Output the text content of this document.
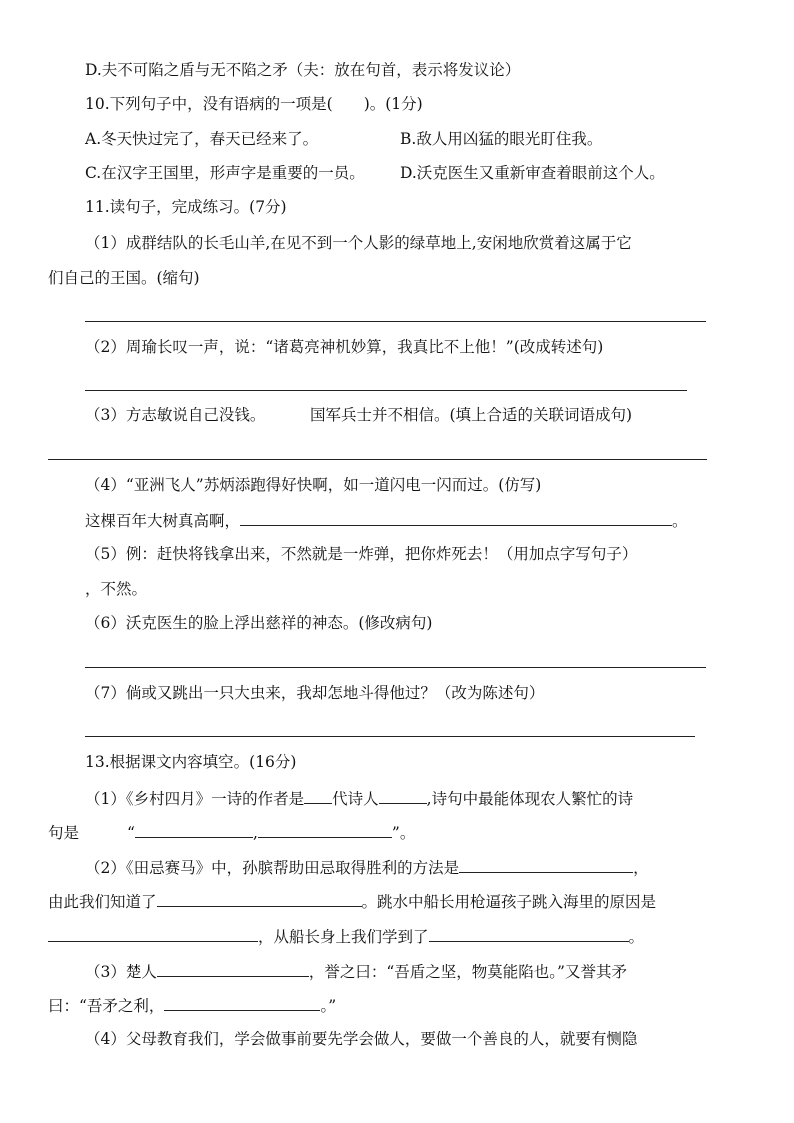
D.夫不可陷之盾与无不陷之矛（夫：放在句首，表示将发议论）
10.下列句子中，没有语病的一项是(　　)。(1分)
A.冬天快过完了，春天已经来了。	B.敌人用凶猛的眼光盯住我。
C.在汉字王国里，形声字是重要的一员。 D.沃克医生又重新审查着眼前这个人。
11.读句子，完成练习。(7分)
（1）成群结队的长毛山羊,在见不到一个人影的绿草地上,安闲地欣赏着这属于它
们自己的王国。(缩句)
（2）周瑜长叹一声，说：“诸葛亮神机妙算，我真比不上他！”(改成转述句)
（3）方志敏说自己没钱。	国军兵士并不相信。(填上合适的关联词语成句)
（4）“亚洲飞人”苏炳添跑得好快啊，如一道闪电一闪而过。(仿写)
这棵百年大树真高啊，	。
（5）例：赶快将钱拿出来，不然就是一炸弹，把你炸死去！（用加点字写句子）
，不然。
（6）沃克医生的脸上浮出慈祥的神态。(修改病句)
（7）倘或又跳出一只大虫来，我却怎地斗得他过？（改为陈述句）
13.根据课文内容填空。(16分)
（1）《乡村四月》一诗的作者是 代诗人	,诗句中最能体现农人繁忙的诗
句是	“	,	”。
（2）《田忌赛马》中，孙膑帮助田忌取得胜利的方法是	，
由此我们知道了	。跳水中船长用枪逼孩子跳入海里的原因是
，从船长身上我们学到了	。
（3）楚人	，誉之曰：“吾盾之坚，物莫能陷也。”又誉其矛
曰：“吾矛之利，	。”
（4）父母教育我们，学会做事前要先学会做人，要做一个善良的人，就要有恻隐
